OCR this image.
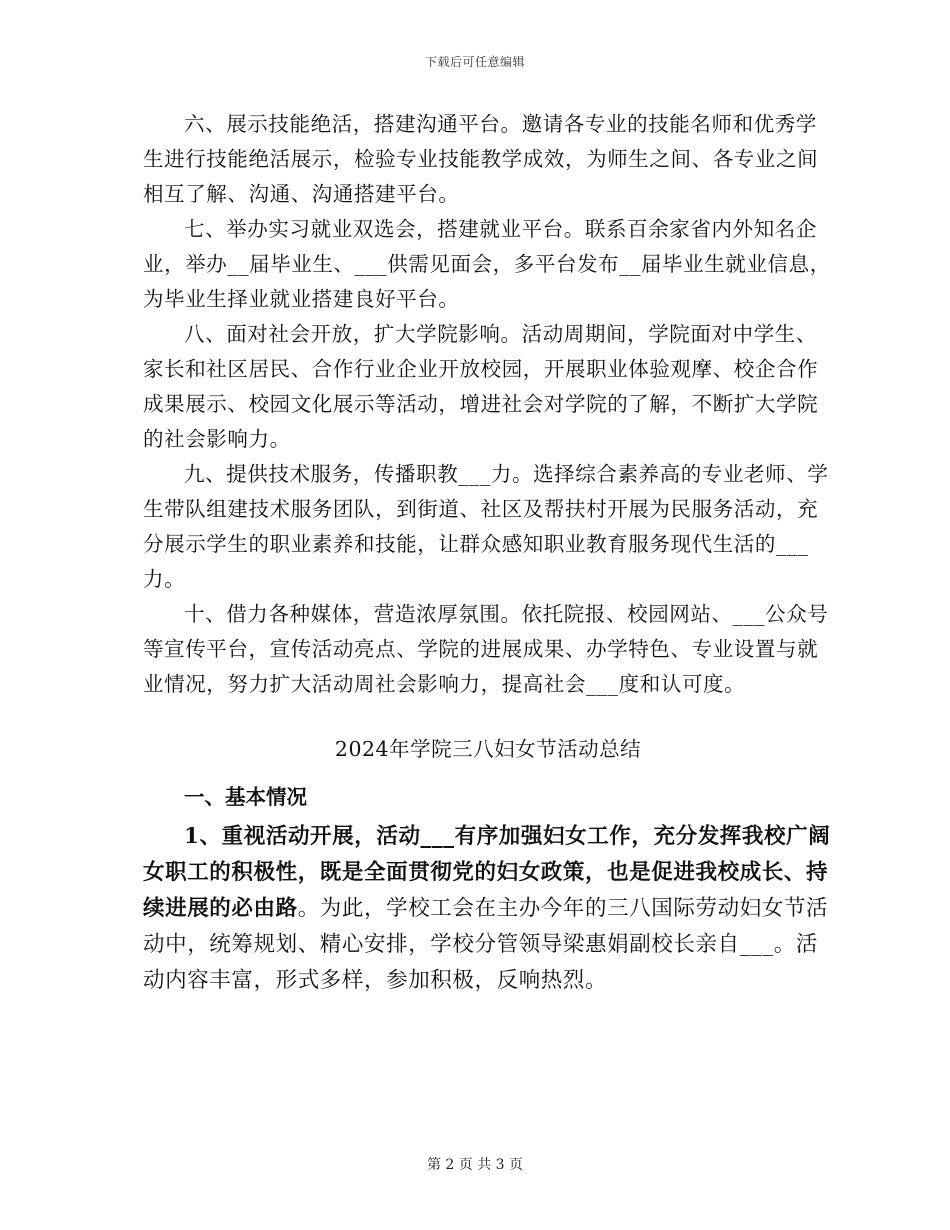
下载后可任意编辑

六、展示技能绝活，搭建沟通平台。邀请各专业的技能名师和优秀学生进行技能绝活展示，检验专业技能教学成效，为师生之间、各专业之间相互了解、沟通、沟通搭建平台。

七、举办实习就业双选会，搭建就业平台。联系百余家省内外知名企业，举办__届毕业生、___供需见面会，多平台发布__届毕业生就业信息，为毕业生择业就业搭建良好平台。

八、面对社会开放，扩大学院影响。活动周期间，学院面对中学生、家长和社区居民、合作行业企业开放校园，开展职业体验观摩、校企合作成果展示、校园文化展示等活动，增进社会对学院的了解，不断扩大学院的社会影响力。

九、提供技术服务，传播职教___力。选择综合素养高的专业老师、学生带队组建技术服务团队，到街道、社区及帮扶村开展为民服务活动，充分展示学生的职业素养和技能，让群众感知职业教育服务现代生活的___力。

十、借力各种媒体，营造浓厚氛围。依托院报、校园网站、___公众号等宣传平台，宣传活动亮点、学院的进展成果、办学特色、专业设置与就业情况，努力扩大活动周社会影响力，提高社会___度和认可度。

2024年学院三八妇女节活动总结
一、基本情况

1、重视活动开展，活动___有序加强妇女工作，充分发挥我校广阔女职工的积极性，既是全面贯彻党的妇女政策，也是促进我校成长、持续进展的必由路。为此，学校工会在主办今年的三八国际劳动妇女节活动中，统筹规划、精心安排，学校分管领导梁惠娟副校长亲自___。活动内容丰富，形式多样，参加积极，反响热烈。

第 2 页 共 3 页
